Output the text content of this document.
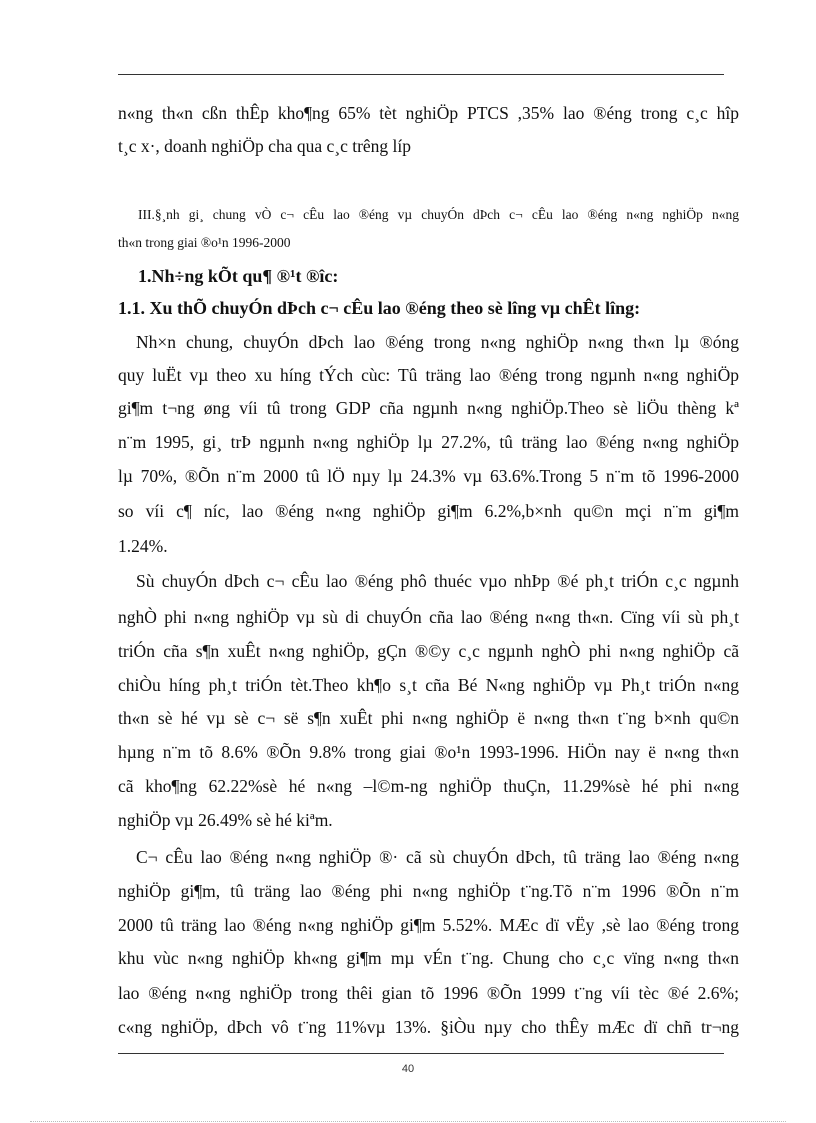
n«ng th«n cßn thÊp kho¶ng 65% tèt nghiÖp PTCS ,35% lao ®éng trong c¸c hîp
t¸c x·, doanh nghiÖp cha qua c¸c trêng líp
III.§¸nh gi¸ chung vÒ c¬ cÊu lao ®éng vµ chuyÓn dÞch c¬ cÊu lao ®éng n«ng nghiÖp n«ng
th«n trong giai ®o¹n 1996-2000
1.Nh÷ng kÕt qu¶ ®¹t ®îc:
1.1. Xu thÕ chuyÓn dÞch c¬ cÊu lao ®éng theo sè lîng vµ chÊt lîng:
Nh×n chung, chuyÓn dÞch lao ®éng trong n«ng nghiÖp n«ng th«n lµ ®óng
quy luËt vµ theo xu híng tÝch cùc: Tû träng lao ®éng trong ngµnh n«ng nghiÖp
gi¶m t¬ng øng víi tû trong GDP cña ngµnh n«ng nghiÖp.Theo sè liÖu thèng kª
n¨m 1995, gi¸ trÞ ngµnh n«ng nghiÖp lµ 27.2%, tû träng lao ®éng n«ng nghiÖp
lµ 70%, ®Õn n¨m 2000 tû lÖ nµy lµ 24.3% vµ 63.6%.Trong 5 n¨m tõ 1996-2000
so víi c¶ níc, lao ®éng n«ng nghiÖp gi¶m 6.2%,b×nh qu©n mçi n¨m gi¶m
1.24%.
Sù chuyÓn dÞch c¬ cÊu lao ®éng phô thuéc vµo nhÞp ®é ph¸t triÓn c¸c ngµnh
nghÒ phi n«ng nghiÖp vµ sù di chuyÓn cña lao ®éng n«ng th«n. Cïng víi sù ph¸t
triÓn cña s¶n xuÊt n«ng nghiÖp, gÇn ®©y c¸c ngµnh nghÒ phi n«ng nghiÖp cã
chiÒu híng ph¸t triÓn tèt.Theo kh¶o s¸t cña Bé N«ng nghiÖp vµ Ph¸t triÓn n«ng
th«n sè hé vµ sè c¬ së s¶n xuÊt phi n«ng nghiÖp ë n«ng th«n t¨ng b×nh qu©n
hµng n¨m tõ 8.6% ®Õn 9.8% trong giai ®o¹n 1993-1996. HiÖn nay ë n«ng th«n
cã kho¶ng 62.22%sè hé n«ng –l©m-ng nghiÖp thuÇn, 11.29%sè hé phi n«ng
nghiÖp vµ 26.49% sè hé kiªm.
C¬ cÊu lao ®éng n«ng nghiÖp ®· cã sù chuyÓn dÞch, tû träng lao ®éng n«ng
nghiÖp gi¶m, tû träng lao ®éng phi n«ng nghiÖp t¨ng.Tõ n¨m 1996 ®Õn n¨m
2000 tû träng lao ®éng n«ng nghiÖp gi¶m 5.52%. MÆc dï vËy ,sè lao ®éng trong
khu vùc n«ng nghiÖp kh«ng gi¶m mµ vÉn t¨ng. Chung cho c¸c vïng n«ng th«n
lao ®éng n«ng nghiÖp trong thêi gian tõ 1996 ®Õn 1999 t¨ng víi tèc ®é 2.6%;
c«ng nghiÖp, dÞch vô t¨ng 11%vµ 13%. §iÒu nµy cho thÊy mÆc dï chñ tr¬ng
40
